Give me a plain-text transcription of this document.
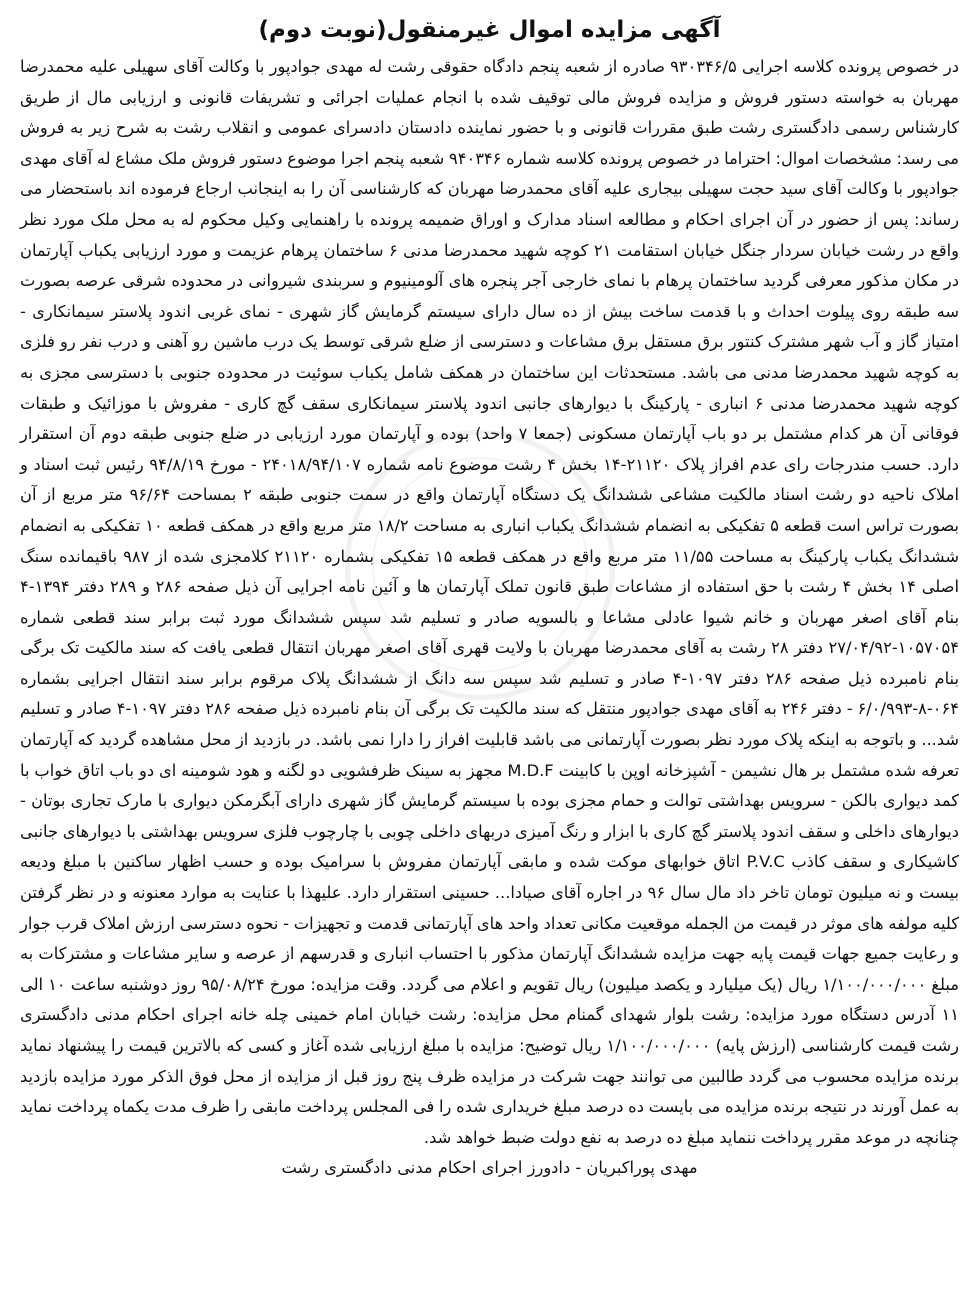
آگهی مزایده اموال غیرمنقول(نوبت دوم)

در خصوص پرونده کلاسه اجرایی ۹۳۰۳۴۶/۵ صادره از شعبه پنجم دادگاه حقوقی رشت له مهدی جوادپور با وکالت آقای سهیلی علیه محمدرضا مهربان به خواسته دستور فروش و مزایده فروش مالی توقیف شده با انجام عملیات اجرائی و تشریفات قانونی و ارزیابی مال از طریق کارشناس رسمی دادگستری رشت طبق مقررات قانونی و با حضور نماینده دادستان دادسرای عمومی و انقلاب رشت به شرح زیر به فروش می رسد: مشخصات اموال: احتراما در خصوص پرونده کلاسه شماره ۹۴۰۳۴۶ شعبه پنجم اجرا موضوع دستور فروش ملک مشاع له آقای مهدی جوادپور با وکالت آقای سید حجت سهیلی بیجاری علیه آقای محمدرضا مهربان که کارشناسی آن را به اینجانب ارجاع فرموده اند باستحضار می رساند: پس از حضور در آن اجرای احکام و مطالعه اسناد مدارک و اوراق ضمیمه پرونده با راهنمایی وکیل محکوم له به محل ملک مورد نظر واقع در رشت خیابان سردار جنگل خیابان استقامت ۲۱ کوچه شهید محمدرضا مدنی ۶ ساختمان پرهام عزیمت و مورد ارزیابی یکباب آپارتمان در مکان مذکور معرفی گردید ساختمان پرهام با نمای خارجی آجر پنجره های آلومینیوم و سربندی شیروانی در محدوده شرقی عرصه بصورت سه طبقه روی پیلوت احداث و با قدمت ساخت بیش از ده سال دارای سیستم گرمایش گاز شهری - نمای غربی اندود پلاستر سیمانکاری - امتیاز گاز و آب شهر مشترک کنتور برق مستقل برق مشاعات و دسترسی از ضلع شرقی توسط یک درب ماشین رو آهنی و درب نفر رو فلزی به کوچه شهید محمدرضا مدنی می باشد. مستحدثات این ساختمان در همکف شامل یکباب سوئیت در محدوده جنوبی با دسترسی مجزی به کوچه شهید محمدرضا مدنی ۶ انباری - پارکینگ با دیوارهای جانبی اندود پلاستر سیمانکاری سقف گچ کاری - مفروش با موزائیک و طبقات فوقانی آن هر کدام مشتمل بر دو باب آپارتمان مسکونی (جمعا ۷ واحد) بوده و آپارتمان مورد ارزیابی در ضلع جنوبی طبقه دوم آن استقرار دارد. حسب مندرجات رای عدم افراز پلاک ۲۱۱۲۰-۱۴ بخش ۴ رشت موضوع نامه شماره ۲۴۰۱۸/۹۴/۱۰۷ - مورخ ۹۴/۸/۱۹ رئیس ثبت اسناد و املاک ناحیه دو رشت اسناد مالکیت مشاعی ششدانگ یک دستگاه آپارتمان واقع در سمت جنوبی طبقه ۲ بمساحت ۹۶/۶۴ متر مربع از آن بصورت تراس است قطعه ۵ تفکیکی به انضمام ششدانگ یکباب انباری به مساحت ۱۸/۲ متر مربع واقع در همکف قطعه ۱۰ تفکیکی به انضمام ششدانگ یکباب پارکینگ به مساحت ۱۱/۵۵ متر مربع واقع در همکف قطعه ۱۵ تفکیکی بشماره ۲۱۱۲۰ کلامجزی شده از ۹۸۷ باقیمانده سنگ اصلی ۱۴ بخش ۴ رشت با حق استفاده از مشاعات طبق قانون تملک آپارتمان ها و آئین نامه اجرایی آن ذیل صفحه ۲۸۶ و ۲۸۹ دفتر ۱۳۹۴-۴ بنام آقای اصغر مهربان و خانم شیوا عادلی مشاعا و بالسویه صادر و تسلیم شد سپس ششدانگ مورد ثبت برابر سند قطعی شماره ۱۰۵۷۰۵۴-۲۷/۰۴/۹۲ دفتر ۲۸ رشت به آقای محمدرضا مهربان با ولایت قهری آقای اصغر مهربان انتقال قطعی یافت که سند مالکیت تک برگی بنام نامبرده ذیل صفحه ۲۸۶ دفتر ۱۰۹۷-۴ صادر و تسلیم شد سپس سه دانگ از ششدانگ پلاک مرقوم برابر سند انتقال اجرایی بشماره ۰۶۴-۸-۶/۰/۹۹۳ - دفتر ۲۴۶ به آقای مهدی جوادپور منتقل که سند مالکیت تک برگی آن بنام نامبرده ذیل صفحه ۲۸۶ دفتر ۱۰۹۷-۴ صادر و تسلیم شد... و باتوجه به اینکه پلاک مورد نظر بصورت آپارتمانی می باشد قابلیت افراز را دارا نمی باشد. در بازدید از محل مشاهده گردید که آپارتمان تعرفه شده مشتمل بر هال نشیمن - آشپزخانه اوپن با کابینت M.D.F مجهز به سینک ظرفشویی دو لگنه و هود شومینه ای دو باب اتاق خواب با کمد دیواری بالکن - سرویس بهداشتی توالت و حمام مجزی بوده با سیستم گرمایش گاز شهری دارای آبگرمکن دیواری با مارک تجاری بوتان - دیوارهای داخلی و سقف اندود پلاستر گچ کاری با ابزار و رنگ آمیزی دربهای داخلی چوبی با چارچوب فلزی سرویس بهداشتی با دیوارهای جانبی کاشیکاری و سقف کاذب P.V.C اتاق خوابهای موکت شده و مابقی آپارتمان مفروش با سرامیک بوده و حسب اظهار ساکنین با مبلغ ودیعه بیست و نه میلیون تومان تاخر داد مال سال ۹۶ در اجاره آقای صیادا... حسینی استقرار دارد. علیهذا با عنایت به موارد معنونه و در نظر گرفتن کلیه مولفه های موثر در قیمت من الجمله موقعیت مکانی تعداد واحد های آپارتمانی قدمت و تجهیزات - نحوه دسترسی ارزش املاک قرب جوار و رعایت جمیع جهات قیمت پایه جهت مزایده ششدانگ آپارتمان مذکور با احتساب انباری و قدرسهم از عرصه و سایر مشاعات و مشترکات به مبلغ ۱/۱۰۰/۰۰۰/۰۰۰ ریال (یک میلیارد و یکصد میلیون) ریال تقویم و اعلام می گردد. وقت مزایده: مورخ ۹۵/۰۸/۲۴ روز دوشنبه ساعت ۱۰ الی ۱۱ آدرس دستگاه مورد مزایده: رشت بلوار شهدای گمنام محل مزایده: رشت خیابان امام خمینی چله خانه اجرای احکام مدنی دادگستری رشت قیمت کارشناسی (ارزش پایه) ۱/۱۰۰/۰۰۰/۰۰۰ ریال توضیح: مزایده با مبلغ ارزیابی شده آغاز و کسی که بالاترین قیمت را پیشنهاد نماید برنده مزایده محسوب می گردد طالبین می توانند جهت شرکت در مزایده ظرف پنج روز قبل از مزایده از محل فوق الذکر مورد مزایده بازدید به عمل آورند در نتیجه برنده مزایده می بایست ده درصد مبلغ خریداری شده را فی المجلس پرداخت مابقی را ظرف مدت یکماه پرداخت نماید چنانچه در موعد مقرر پرداخت ننماید مبلغ ده درصد به نفع دولت ضبط خواهد شد.

مهدی پوراکبریان - دادورز اجرای احکام مدنی دادگستری رشت
